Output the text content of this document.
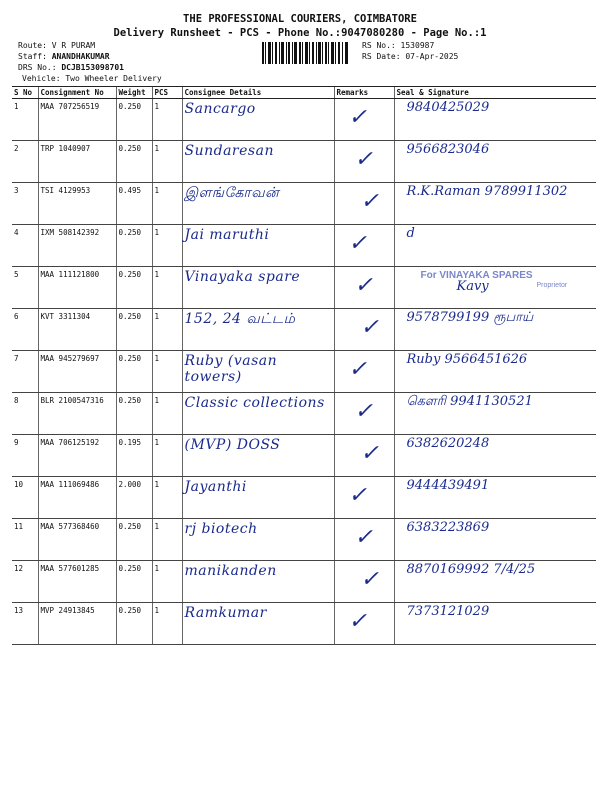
THE PROFESSIONAL COURIERS, COIMBATORE
Delivery Runsheet - PCS - Phone No.:9047080280 - Page No.:1
Route: V R PURAM
Staff: ANANDHAKUMAR
DRS No.: DCJB153098701
Vehicle: Two Wheeler Delivery
RS No.: 1530987
RS Date: 07-Apr-2025
S No	Consignment No	Weight	PCS	Consignee Details	Remarks	Seal & Signature
1	MAA 707256519	0.250	1	Sancargo	✓	9840425029

2	TRP 1040907	0.250	1	Sundaresan	✓	9566823046

3	TSI 4129953	0.495	1	இளங்கோவன்	✓	R.K.Raman 9789911302

4	IXM 508142392	0.250	1	Jai maruthi	✓	d

5	MAA 111121800	0.250	1	Vinayaka spare	✓	For VINAYAKA SPARES
Kavy Proprietor
6	KVT 3311304	0.250	1	152, 24 வட்டம்	✓	9578799199 ரூபாய்

7	MAA 945279697	0.250	1	Ruby (vasan towers)	✓	Ruby 9566451626

8	BLR 2100547316	0.250	1	Classic collections	✓	கௌரி 9941130521

9	MAA 706125192	0.195	1	(MVP) DOSS	✓	6382620248

10	MAA 111069486	2.000	1	Jayanthi	✓	9444439491

11	MAA 577368460	0.250	1	rj biotech	✓	6383223869

12	MAA 577601285	0.250	1	manikanden	✓	8870169992 7/4/25

13	MVP 24913845	0.250	1	Ramkumar	✓	7373121029
